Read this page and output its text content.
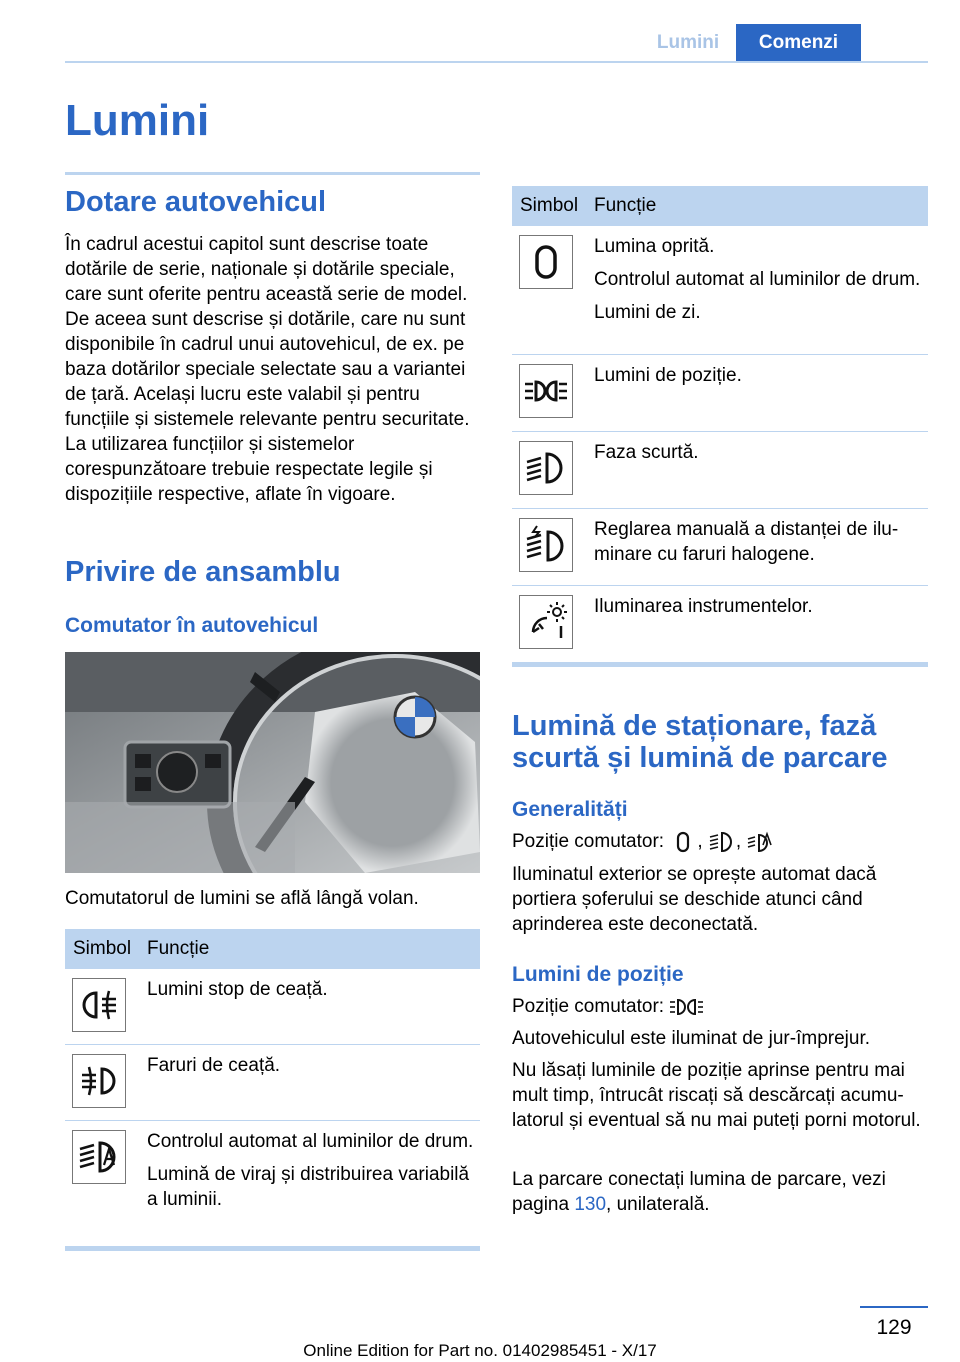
Lumini	Comenzi
Lumini
Dotare autovehicul

În cadrul acestui capitol sunt descrise toate dotările de serie, naționale și dotările speciale, care sunt oferite pentru această serie de model. De aceea sunt descrise și dotările, care nu sunt disponibile în cadrul unui autovehicul, de ex. pe baza dotărilor speciale selectate sau a variantei de țară. Același lucru este valabil și pentru funcțiile și sistemele relevante pentru securitate. La utilizarea funcțiilor și sistemelor corespunzătoare trebuie respectate legile și dispozițiile respective, aflate în vigoare.

Privire de ansamblu
Comutator în autovehicul

Comutatorul de lumini se află lângă volan.

Simbol Funcție

Lumini stop de ceață.

Faruri de ceață.

Controlul automat al luminilor de drum.

Lumină de viraj și distribuirea variabilă a luminii.

Simbol Funcție

Lumina oprită.

Controlul automat al luminilor de drum.

Lumini de zi.

Lumini de poziție.

Faza scurtă.

Reglarea manuală a distanței de iluminare cu faruri halogene.

Iluminarea instrumentelor.

Lumină de staționare, fază scurtă și lumină de parcare
Generalități

Poziție comutator: , ,

Iluminatul exterior se oprește automat dacă portiera șoferului se deschide atunci când aprinderea este deconectată.

Lumini de poziție

Poziție comutator:

Autovehiculul este iluminat de jur-împrejur.

Nu lăsați luminile de poziție aprinse pentru mai mult timp, întrucât riscați să descărcați acumulatorul și eventual să nu mai puteți porni motorul.

La parcare conectați lumina de parcare, vezi pagina 130, unilaterală.

129
Online Edition for Part no. 01402985451 - X/17
